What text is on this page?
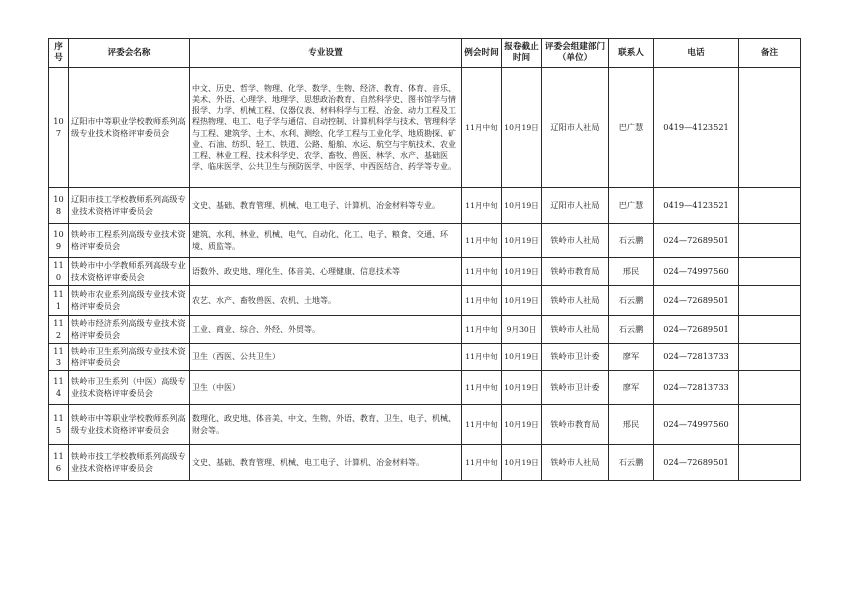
序号	评委会名称	专业设置	例会时间	报卷截止时间	评委会组建部门（单位）	联系人	电话	备注
107	辽阳市中等职业学校教师系列高级专业技术资格评审委员会	中文、历史、哲学、物理、化学、数学、生物、经济、教育、体育、音乐、美术、外语、心理学、地理学、思想政治教育、自然科学史、图书馆学与情报学、力学、机械工程、仪器仪表、材料科学与工程、冶金、动力工程及工程热物理、电工、电子学与通信、自动控制、计算机科学与技术、管理科学与工程、建筑学、土木、水利、测绘、化学工程与工业化学、地质勘探、矿业、石油、纺织、轻工、铁道、公路、船舶、水运、航空与宇航技术、农业工程、林业工程、技术科学史、农学、畜牧、兽医、林学、水产、基础医学、临床医学、公共卫生与预防医学、中医学、中西医结合、药学等专业。	11月中旬	10月19日	辽阳市人社局	巴广慧	0419—4123521	
108	辽阳市技工学校教师系列高级专业技术资格评审委员会	文史、基础、教育管理、机械、电工电子、计算机、冶金材料等专业。	11月中旬	10月19日	辽阳市人社局	巴广慧	0419—4123521	
109	铁岭市工程系列高级专业技术资格评审委员会	建筑、水利、林业、机械、电气、自动化、化工、电子、粮食、交通、环境、质监等。	11月中旬	10月19日	铁岭市人社局	石云鹏	024—72689501	
110	铁岭市中小学教师系列高级专业技术资格评审委员会	语数外、政史地、理化生、体音美、心理健康、信息技术等	11月中旬	10月19日	铁岭市教育局	邢民	024—74997560	
111	铁岭市农业系列高级专业技术资格评审委员会	农艺、水产、畜牧兽医、农机、土地等。	11月中旬	10月19日	铁岭市人社局	石云鹏	024—72689501	
112	铁岭市经济系列高级专业技术资格评审委员会	工业、商业、综合、外经、外贸等。	11月中旬	9月30日	铁岭市人社局	石云鹏	024—72689501	
113	铁岭市卫生系列高级专业技术资格评审委员会	卫生（西医、公共卫生）	11月中旬	10月19日	铁岭市卫计委	廖军	024—72813733	
114	铁岭市卫生系列（中医）高级专业技术资格评审委员会	卫生（中医）	11月中旬	10月19日	铁岭市卫计委	廖军	024—72813733	
115	铁岭市中等职业学校教师系列高级专业技术资格评审委员会	数理化、政史地、体音美、中文、生物、外语、教育、卫生、电子、机械、财会等。	11月中旬	10月19日	铁岭市教育局	邢民	024—74997560	
116	铁岭市技工学校教师系列高级专业技术资格评审委员会	文史、基础、教育管理、机械、电工电子、计算机、冶金材料等。	11月中旬	10月19日	铁岭市人社局	石云鹏	024—72689501	
